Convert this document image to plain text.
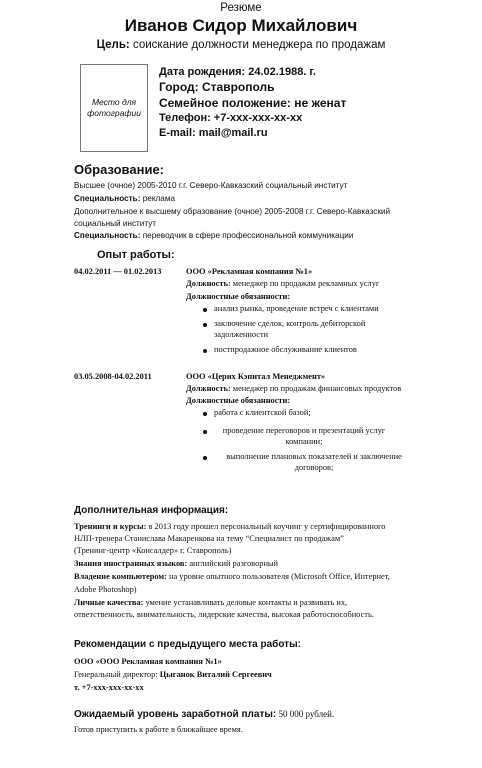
Резюме
Иванов Сидор Михайлович
Цель: соискание должности менеджера по продажам
Место для
фотографии
Дата рождения: 24.02.1988. г.
Город: Ставрополь
Семейное положение: не женат
Телефон: +7-xxx-xxx-xx-xx
E-mail: mail@mail.ru
Образование:
Высшее (очное) 2005-2010 г.г. Северо-Кавказский социальный институт
Специальность: реклама
Дополнительное к высшему образование (очное) 2005-2008 г.г. Северо-Кавказский
социальный институт
Специальность: переводчик в сфере профессиональной коммуникации
Опыт работы:
04.02.2011 — 01.02.2013	ООО «Рекламная компания №1»
Должность: менеджер по продажам рекламных услуг
Должностные обязанности:
анализ рынка, проведение встреч с клиентами
заключение сделок, контроль дебиторской задолженности
постпродажное обслуживание клиентов
03.05.2008-04.02.2011	ООО «Церих Кэпитал Менеджмент»
Должность: менеджер по продажам финансовых продуктов
Должностные обязанности:
работа с клиентской базой;
проведение переговоров и презентаций услуг компании;
выполнение плановых показателей и заключение договоров;
Дополнительная информация:
Тренинги и курсы: в 2013 году прошел персональный коучинг у сертифицированного
НЛП-тренера Станислава Макаренкова на тему “Специалист по продажам”
(Тренинг-центр «Консалдер» г. Ставрополь)
Знания иностранных языков: английский разговорный
Владение компьютером: на уровне опытного пользователя (Microsoft Office, Интернет,
Adobe Photoshop)
Личные качества: умение устанавливать деловые контакты и развивать их,
ответственность, внимательность, лидерские качества, высокая работоспособность.
Рекомендации с предыдущего места работы:
ООО «ООО Рекламная компания №1»
Генеральный директор: Цыганок Виталий Сергеевич
т. +7-xxx-xxx-xx-xx
Ожидаемый уровень заработной платы: 50 000 рублей.
Готов приступить к работе в ближайшее время.
